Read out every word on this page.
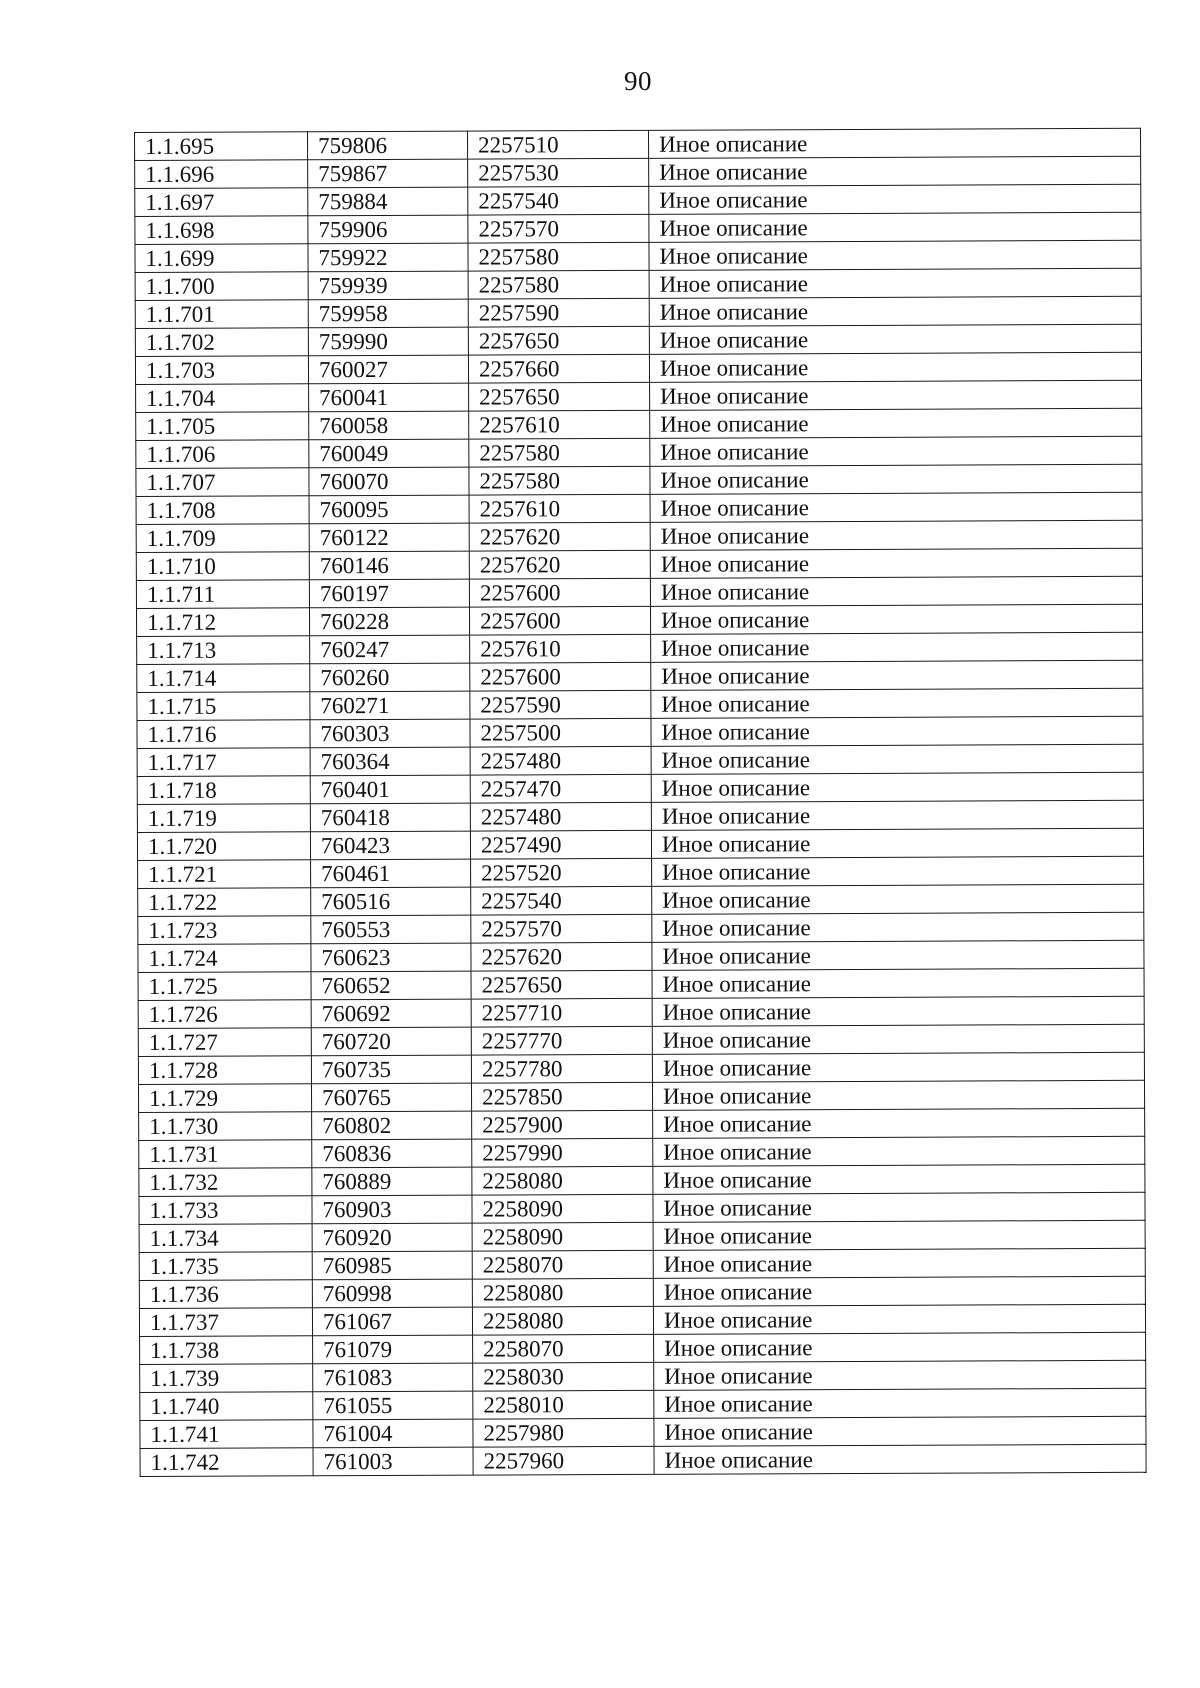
90
1.1.695	759806	2257510	Иное описание
1.1.696	759867	2257530	Иное описание
1.1.697	759884	2257540	Иное описание
1.1.698	759906	2257570	Иное описание
1.1.699	759922	2257580	Иное описание
1.1.700	759939	2257580	Иное описание
1.1.701	759958	2257590	Иное описание
1.1.702	759990	2257650	Иное описание
1.1.703	760027	2257660	Иное описание
1.1.704	760041	2257650	Иное описание
1.1.705	760058	2257610	Иное описание
1.1.706	760049	2257580	Иное описание
1.1.707	760070	2257580	Иное описание
1.1.708	760095	2257610	Иное описание
1.1.709	760122	2257620	Иное описание
1.1.710	760146	2257620	Иное описание
1.1.711	760197	2257600	Иное описание
1.1.712	760228	2257600	Иное описание
1.1.713	760247	2257610	Иное описание
1.1.714	760260	2257600	Иное описание
1.1.715	760271	2257590	Иное описание
1.1.716	760303	2257500	Иное описание
1.1.717	760364	2257480	Иное описание
1.1.718	760401	2257470	Иное описание
1.1.719	760418	2257480	Иное описание
1.1.720	760423	2257490	Иное описание
1.1.721	760461	2257520	Иное описание
1.1.722	760516	2257540	Иное описание
1.1.723	760553	2257570	Иное описание
1.1.724	760623	2257620	Иное описание
1.1.725	760652	2257650	Иное описание
1.1.726	760692	2257710	Иное описание
1.1.727	760720	2257770	Иное описание
1.1.728	760735	2257780	Иное описание
1.1.729	760765	2257850	Иное описание
1.1.730	760802	2257900	Иное описание
1.1.731	760836	2257990	Иное описание
1.1.732	760889	2258080	Иное описание
1.1.733	760903	2258090	Иное описание
1.1.734	760920	2258090	Иное описание
1.1.735	760985	2258070	Иное описание
1.1.736	760998	2258080	Иное описание
1.1.737	761067	2258080	Иное описание
1.1.738	761079	2258070	Иное описание
1.1.739	761083	2258030	Иное описание
1.1.740	761055	2258010	Иное описание
1.1.741	761004	2257980	Иное описание
1.1.742	761003	2257960	Иное описание
